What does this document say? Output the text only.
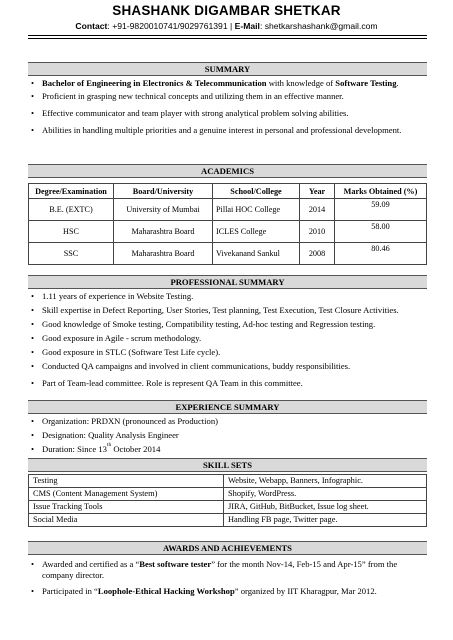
SHASHANK DIGAMBAR SHETKAR
Contact: +91-9820010741/9029761391 | E-Mail: shetkarshashank@gmail.com
SUMMARY
• Bachelor of Engineering in Electronics & Telecommunication with knowledge of Software Testing.
• Proficient in grasping new technical concepts and utilizing them in an effective manner.
• Effective communicator and team player with strong analytical problem solving abilities.
• Abilities in handling multiple priorities and a genuine interest in personal and professional development.
ACADEMICS
Degree/Examination	Board/University	School/College	Year	Marks Obtained (%)
B.E. (EXTC)	University of Mumbai	Pillai HOC College	2014	59.09
HSC	Maharashtra Board	ICLES College	2010	58.00
SSC	Maharashtra Board	Vivekanand Sankul	2008	80.46
PROFESSIONAL SUMMARY
• 1.11 years of experience in Website Testing.
• Skill expertise in Defect Reporting, User Stories, Test planning, Test Execution, Test Closure Activities.
• Good knowledge of Smoke testing, Compatibility testing, Ad-hoc testing and Regression testing.
• Good exposure in Agile - scrum methodology.
• Good exposure in STLC (Software Test Life cycle).
• Conducted QA campaigns and involved in client communications, buddy responsibilities.
• Part of Team-lead committee. Role is represent QA Team in this committee.
EXPERIENCE SUMMARY
• Organization: PRDXN (pronounced as Production)
• Designation: Quality Analysis Engineer
• Duration: Since 13th October 2014
SKILL SETS
Testing	Website, Webapp, Banners, Infographic.
CMS (Content Management System)	Shopify, WordPress.
Issue Tracking Tools	JIRA, GitHub, BitBucket, Issue log sheet.
Social Media	Handling FB page, Twitter page.
AWARDS AND ACHIEVEMENTS
• Awarded and certified as a “Best software tester” for the month Nov-14, Feb-15 and Apr-15” from the company director.
• Participated in “Loophole-Ethical Hacking Workshop” organized by IIT Kharagpur, Mar 2012.
